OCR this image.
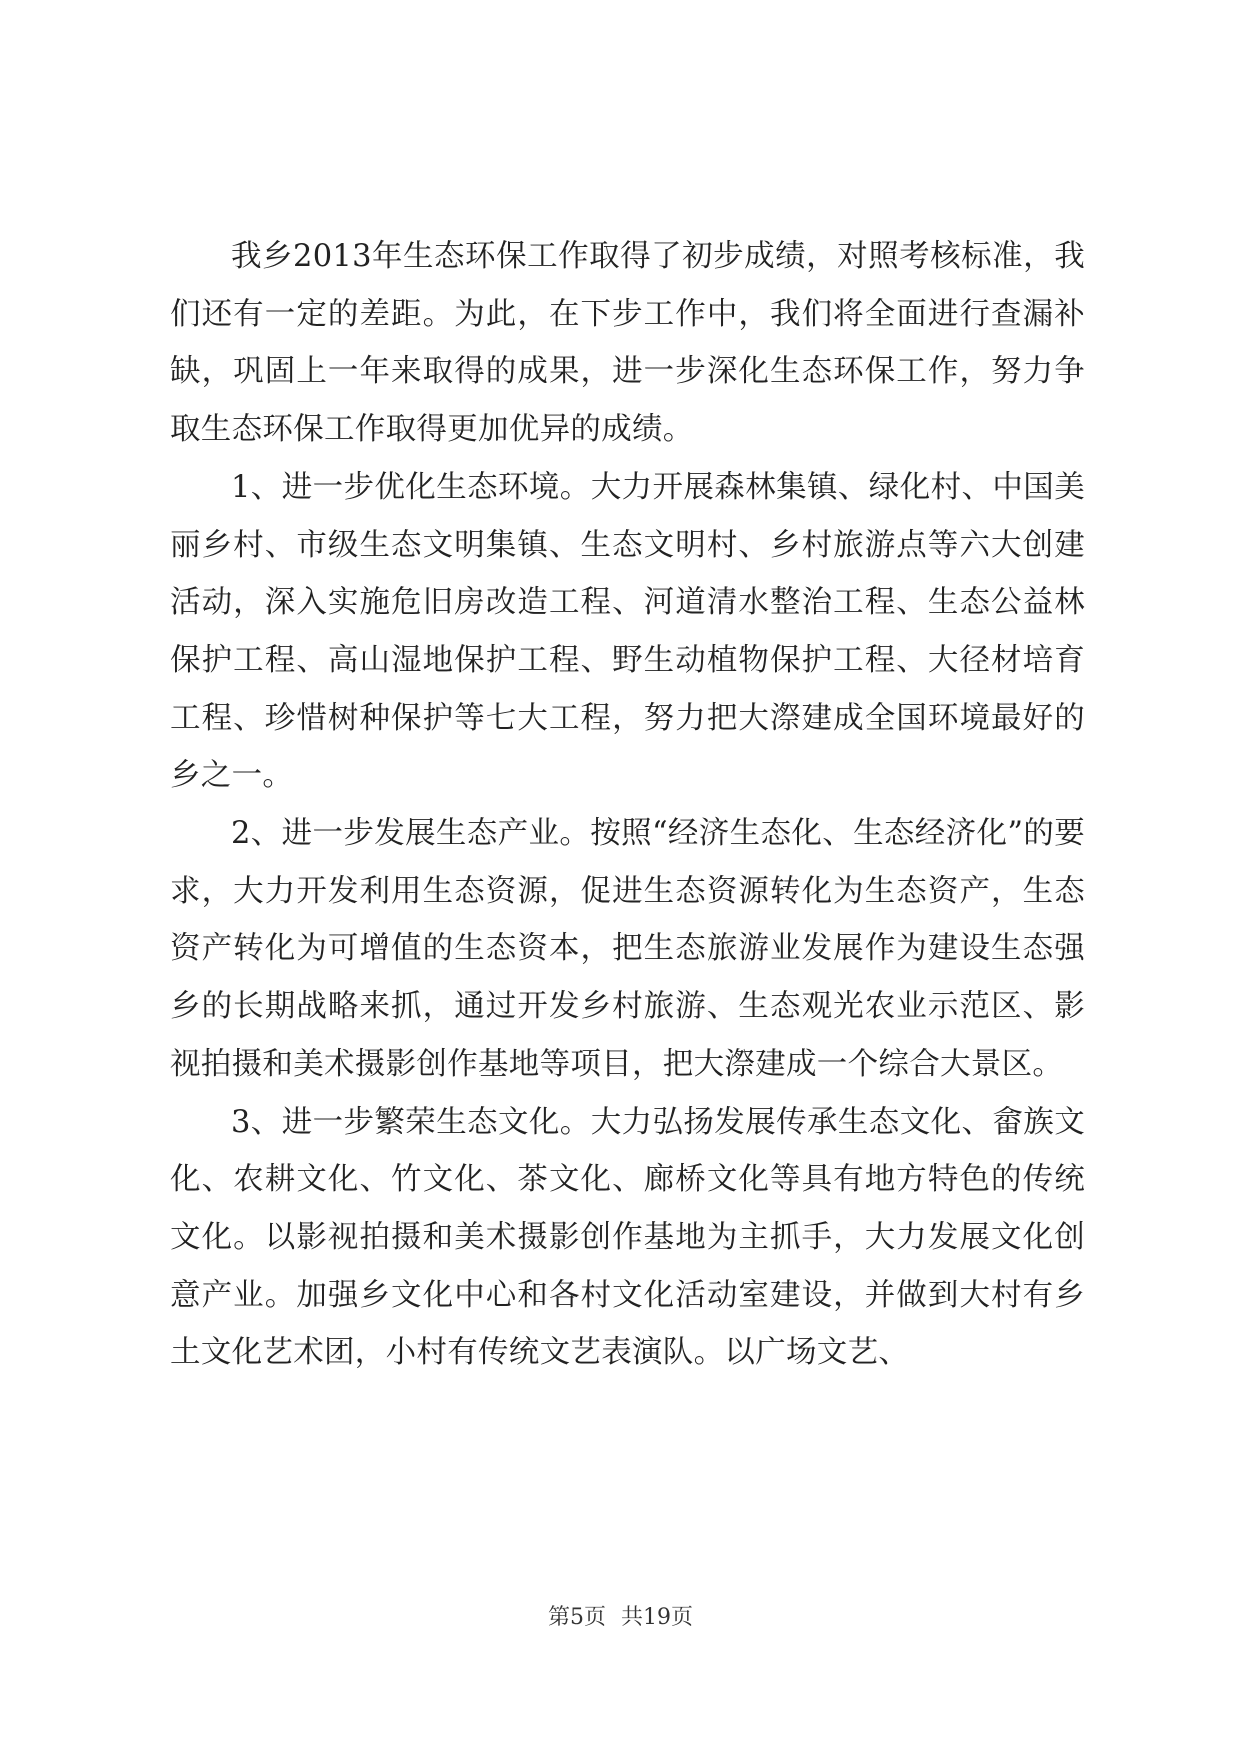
我乡2013年生态环保工作取得了初步成绩，对照考核标准，我们还有一定的差距。为此，在下步工作中，我们将全面进行查漏补缺，巩固上一年来取得的成果，进一步深化生态环保工作，努力争取生态环保工作取得更加优异的成绩。

1、进一步优化生态环境。大力开展森林集镇、绿化村、中国美丽乡村、市级生态文明集镇、生态文明村、乡村旅游点等六大创建活动，深入实施危旧房改造工程、河道清水整治工程、生态公益林保护工程、高山湿地保护工程、野生动植物保护工程、大径材培育工程、珍惜树种保护等七大工程，努力把大漈建成全国环境最好的乡之一。

2、进一步发展生态产业。按照“经济生态化、生态经济化”的要求，大力开发利用生态资源，促进生态资源转化为生态资产，生态资产转化为可增值的生态资本，把生态旅游业发展作为建设生态强乡的长期战略来抓，通过开发乡村旅游、生态观光农业示范区、影视拍摄和美术摄影创作基地等项目，把大漈建成一个综合大景区。

3、进一步繁荣生态文化。大力弘扬发展传承生态文化、畲族文化、农耕文化、竹文化、茶文化、廊桥文化等具有地方特色的传统文化。以影视拍摄和美术摄影创作基地为主抓手，大力发展文化创意产业。加强乡文化中心和各村文化活动室建设，并做到大村有乡土文化艺术团，小村有传统文艺表演队。以广场文艺、

第5页 共19页
